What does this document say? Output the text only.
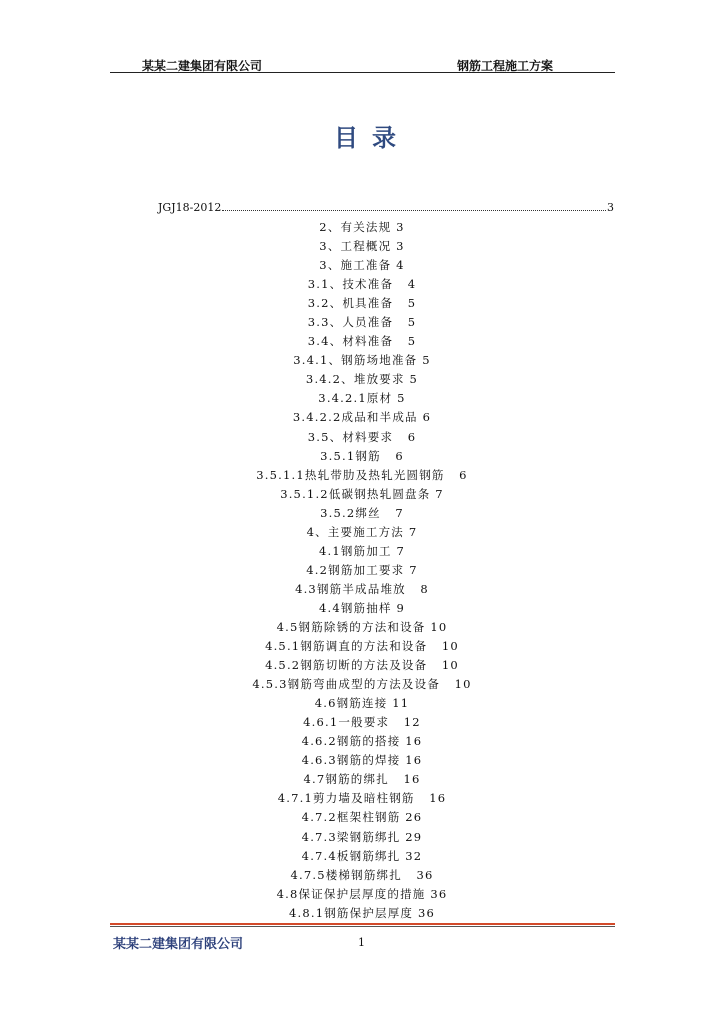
某某二建集团有限公司	钢筋工程施工方案
目录
JGJ18-2012	3
2、有关法规 3
3、工程概况 3
3、施工准备 4
3.1、技术准备   4
3.2、机具准备   5
3.3、人员准备   5
3.4、材料准备   5
3.4.1、钢筋场地准备 5
3.4.2、堆放要求 5
3.4.2.1原材 5
3.4.2.2成品和半成品 6
3.5、材料要求   6
3.5.1钢筋   6
3.5.1.1热轧带肋及热轧光圆钢筋   6
3.5.1.2低碳钢热轧圆盘条 7
3.5.2绑丝   7
4、主要施工方法 7
4.1钢筋加工 7
4.2钢筋加工要求 7
4.3钢筋半成品堆放   8
4.4钢筋抽样 9
4.5钢筋除锈的方法和设备 10
4.5.1钢筋调直的方法和设备   10
4.5.2钢筋切断的方法及设备   10
4.5.3钢筋弯曲成型的方法及设备   10
4.6钢筋连接 11
4.6.1一般要求   12
4.6.2钢筋的搭接 16
4.6.3钢筋的焊接 16
4.7钢筋的绑扎   16
4.7.1剪力墙及暗柱钢筋   16
4.7.2框架柱钢筋 26
4.7.3梁钢筋绑扎 29
4.7.4板钢筋绑扎 32
4.7.5楼梯钢筋绑扎   36
4.8保证保护层厚度的措施 36
4.8.1钢筋保护层厚度 36
某某二建集团有限公司	1
